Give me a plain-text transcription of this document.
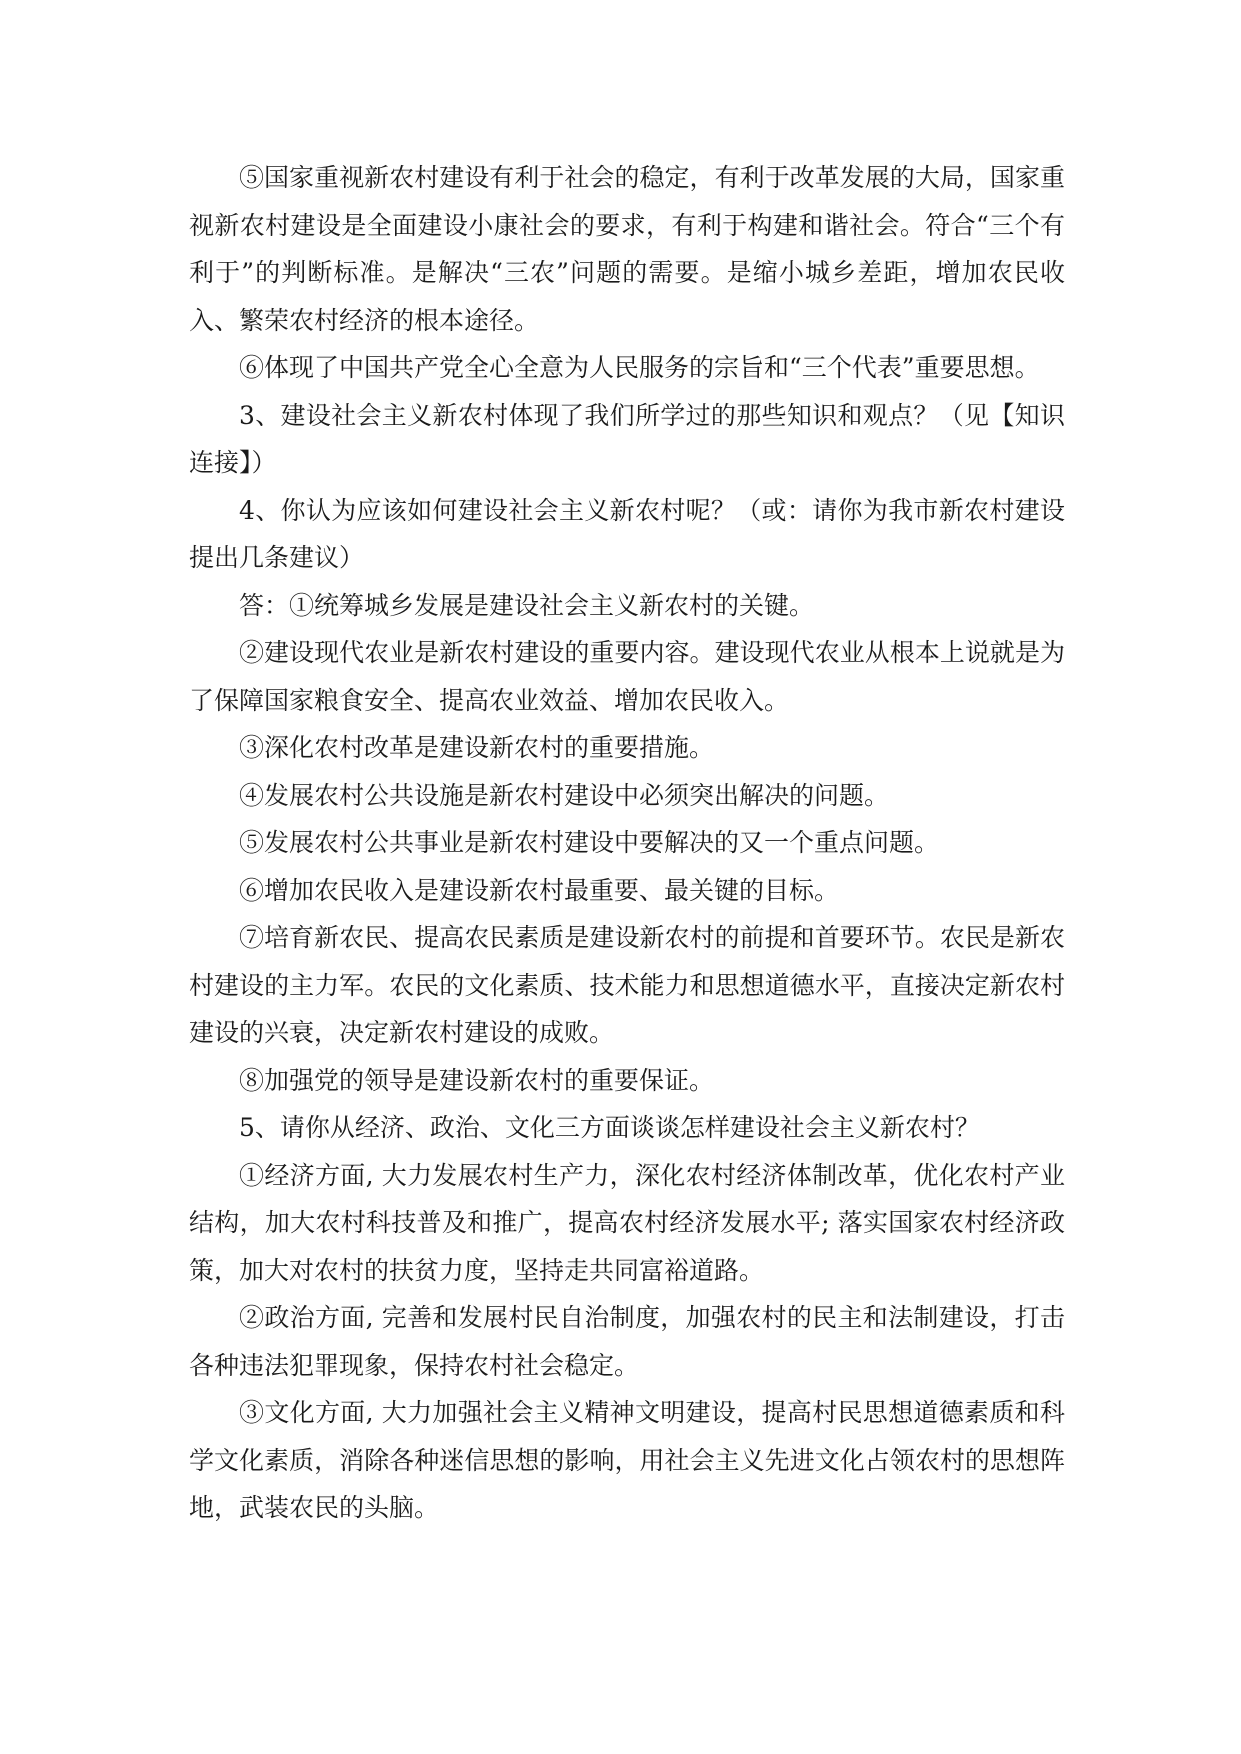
⑤国家重视新农村建设有利于社会的稳定，有利于改革发展的大局，国家重视新农村建设是全面建设小康社会的要求，有利于构建和谐社会。符合“三个有利于”的判断标准。是解决“三农”问题的需要。是缩小城乡差距，增加农民收入、繁荣农村经济的根本途径。

⑥体现了中国共产党全心全意为人民服务的宗旨和“三个代表”重要思想。

3、建设社会主义新农村体现了我们所学过的那些知识和观点？（见【知识连接】）

4、你认为应该如何建设社会主义新农村呢？（或：请你为我市新农村建设提出几条建议）

答：①统筹城乡发展是建设社会主义新农村的关键。

②建设现代农业是新农村建设的重要内容。建设现代农业从根本上说就是为了保障国家粮食安全、提高农业效益、增加农民收入。

③深化农村改革是建设新农村的重要措施。

④发展农村公共设施是新农村建设中必须突出解决的问题。

⑤发展农村公共事业是新农村建设中要解决的又一个重点问题。

⑥增加农民收入是建设新农村最重要、最关键的目标。

⑦培育新农民、提高农民素质是建设新农村的前提和首要环节。农民是新农村建设的主力军。农民的文化素质、技术能力和思想道德水平，直接决定新农村建设的兴衰，决定新农村建设的成败。

⑧加强党的领导是建设新农村的重要保证。

5、请你从经济、政治、文化三方面谈谈怎样建设社会主义新农村？

①经济方面, 大力发展农村生产力，深化农村经济体制改革，优化农村产业结构，加大农村科技普及和推广，提高农村经济发展水平; 落实国家农村经济政策，加大对农村的扶贫力度，坚持走共同富裕道路。

②政治方面, 完善和发展村民自治制度，加强农村的民主和法制建设，打击各种违法犯罪现象，保持农村社会稳定。

③文化方面, 大力加强社会主义精神文明建设，提高村民思想道德素质和科学文化素质，消除各种迷信思想的影响，用社会主义先进文化占领农村的思想阵地，武装农民的头脑。
